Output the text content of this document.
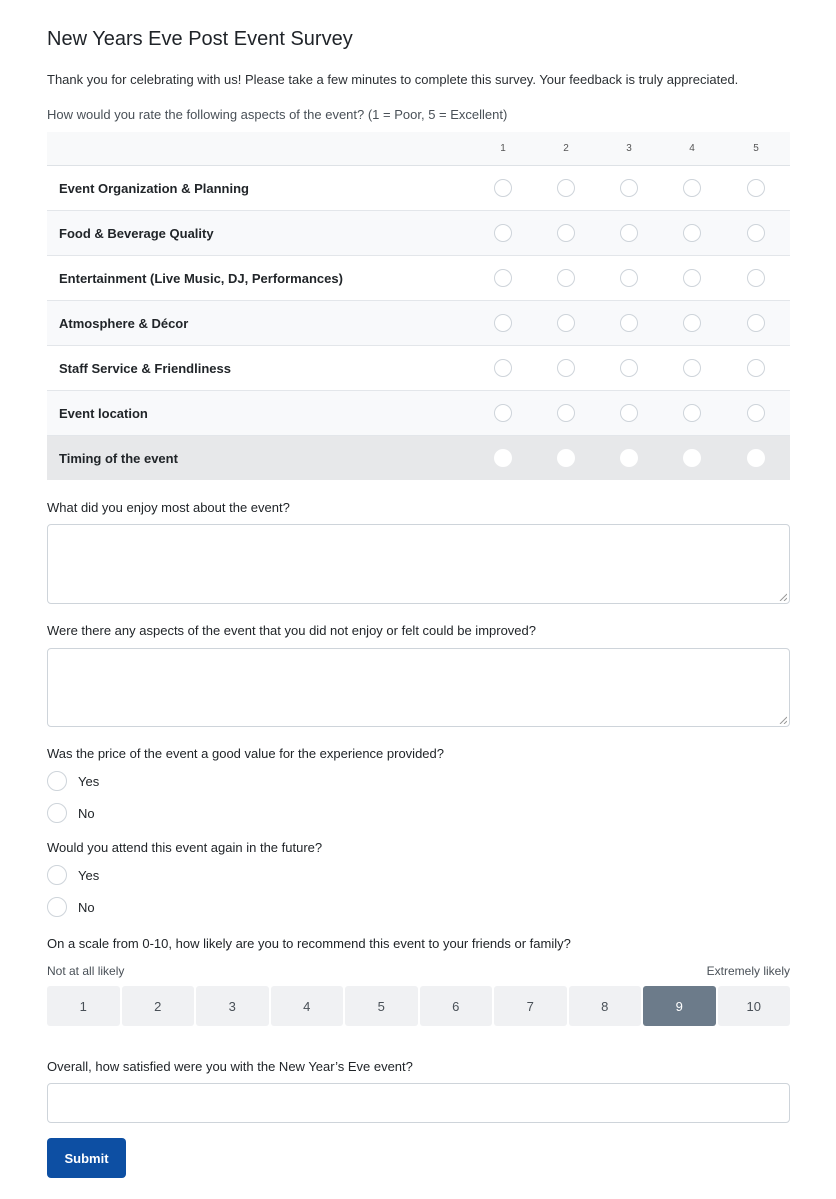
New Years Eve Post Event Survey
Thank you for celebrating with us! Please take a few minutes to complete this survey. Your feedback is truly appreciated.
How would you rate the following aspects of the event? (1 = Poor, 5 = Excellent)
1	2	3	4	5
Event Organization & Planning
Food & Beverage Quality
Entertainment (Live Music, DJ, Performances)
Atmosphere & Décor
Staff Service & Friendliness
Event location
Timing of the event
What did you enjoy most about the event?
Were there any aspects of the event that you did not enjoy or felt could be improved?
Was the price of the event a good value for the experience provided?
Yes
No
Would you attend this event again in the future?
Yes
No
On a scale from 0-10, how likely are you to recommend this event to your friends or family?
Not at all likely	Extremely likely
1	2	3	4	5	6	7	8	9	10
Overall, how satisfied were you with the New Year’s Eve event?
Submit
